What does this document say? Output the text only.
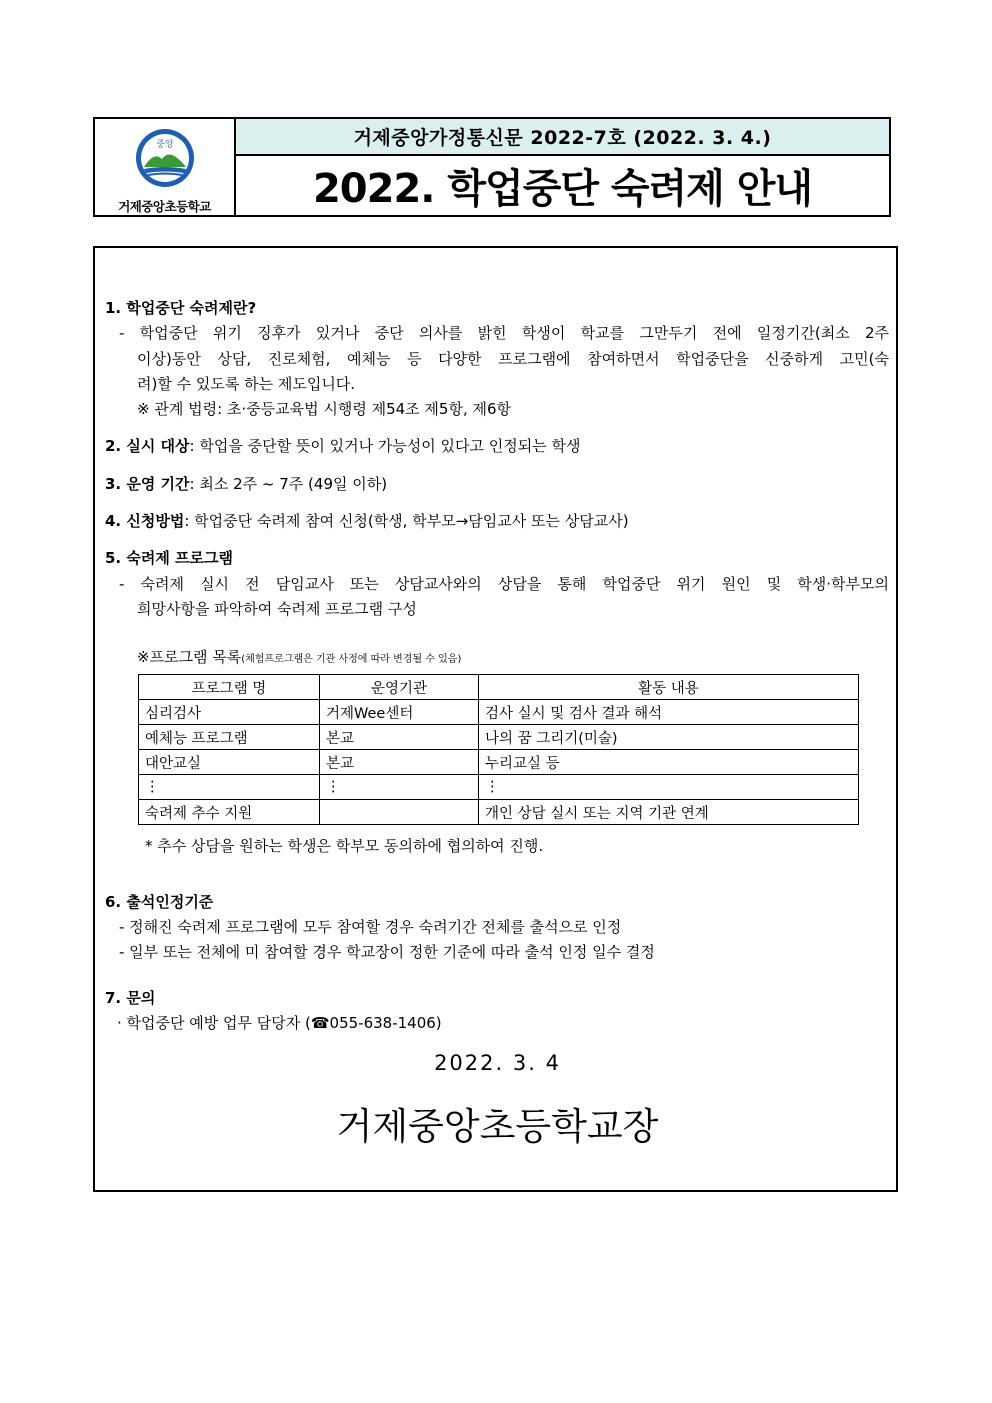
중앙
거제중앙초등학교
거제중앙가정통신문 2022-7호 (2022. 3. 4.)
2022. 학업중단 숙려제 안내
1. 학업중단 숙려제란?
- 학업중단 위기 징후가 있거나 중단 의사를 밝힌 학생이 학교를 그만두기 전에 일정기간(최소 2주
이상)동안 상담, 진로체험, 예체능 등 다양한 프로그램에 참여하면서 학업중단을 신중하게 고민(숙
려)할 수 있도록 하는 제도입니다.
※ 관계 법령: 초·중등교육법 시행령 제54조 제5항, 제6항
2. 실시 대상: 학업을 중단할 뜻이 있거나 가능성이 있다고 인정되는 학생
3. 운영 기간: 최소 2주 ~ 7주 (49일 이하)
4. 신청방법: 학업중단 숙려제 참여 신청(학생, 학부모→담임교사 또는 상담교사)
5. 숙려제 프로그램
- 숙려제 실시 전 담임교사 또는 상담교사와의 상담을 통해 학업중단 위기 원인 및 학생·학부모의
희망사항을 파악하여 숙려제 프로그램 구성
※프로그램 목록(체험프로그램은 기관 사정에 따라 변경될 수 있음)
프로그램 명	운영기관	활동 내용
심리검사	거제Wee센터	검사 실시 및 검사 결과 해석
예체능 프로그램	본교	나의 꿈 그리기(미술)
대안교실	본교	누리교실 등
⋮	⋮	⋮
숙려제 추수 지원		개인 상담 실시 또는 지역 기관 연계
* 추수 상담을 원하는 학생은 학부모 동의하에 협의하여 진행.
6. 출석인정기준
- 정해진 숙려제 프로그램에 모두 참여할 경우 숙려기간 전체를 출석으로 인정
- 일부 또는 전체에 미 참여할 경우 학교장이 정한 기준에 따라 출석 인정 일수 결정
7. 문의
· 학업중단 예방 업무 담당자 (☎055-638-1406)
2022. 3. 4
거제중앙초등학교장
